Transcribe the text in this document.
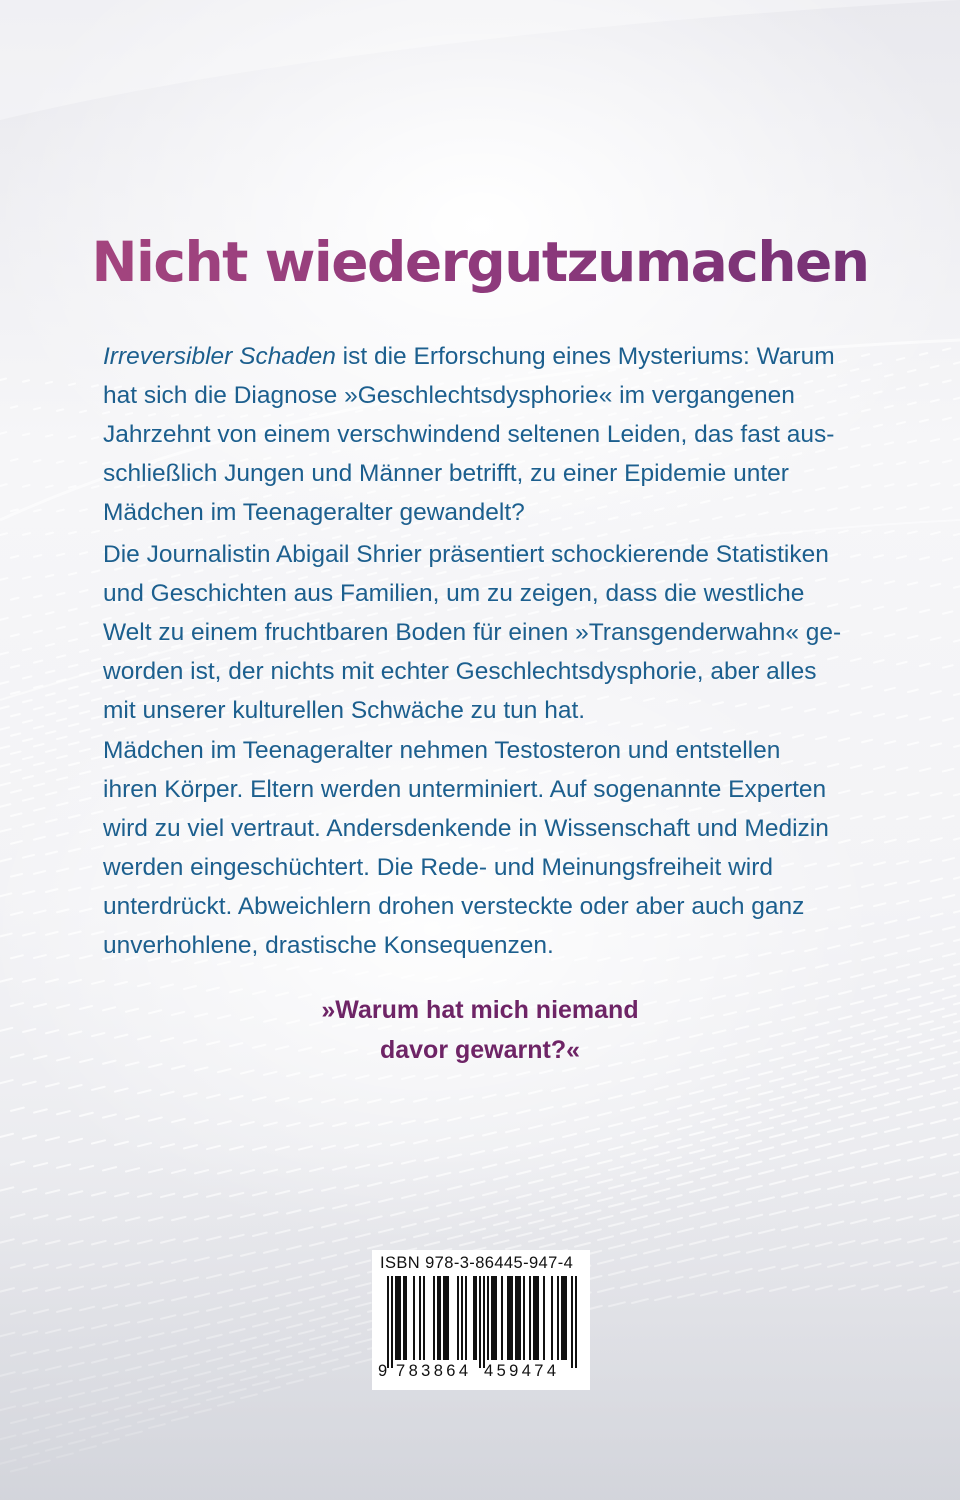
Nicht wiedergutzumachen

Irreversibler Schaden ist die Erforschung eines Mysteriums: Warum

hat sich die Diagnose »Geschlechtsdysphorie« im vergangenen

Jahrzehnt von einem verschwindend seltenen Leiden, das fast aus-

schließlich Jungen und Männer betrifft, zu einer Epidemie unter

Mädchen im Teenageralter gewandelt?

Die Journalistin Abigail Shrier präsentiert schockierende Statistiken

und Geschichten aus Familien, um zu zeigen, dass die westliche

Welt zu einem fruchtbaren Boden für einen »Transgenderwahn« ge-

worden ist, der nichts mit echter Geschlechtsdysphorie, aber alles

mit unserer kulturellen Schwäche zu tun hat.

Mädchen im Teenageralter nehmen Testosteron und entstellen

ihren Körper. Eltern werden unterminiert. Auf sogenannte Experten

wird zu viel vertraut. Andersdenkende in Wissenschaft und Medizin

werden eingeschüchtert. Die Rede- und Meinungsfreiheit wird

unterdrückt. Abweichlern drohen versteckte oder aber auch ganz

unverhohlene, drastische Konsequenzen.

»Warum hat mich niemand
davor gewarnt?«
ISBN 978-3-86445-947-4
9 783864 459474
